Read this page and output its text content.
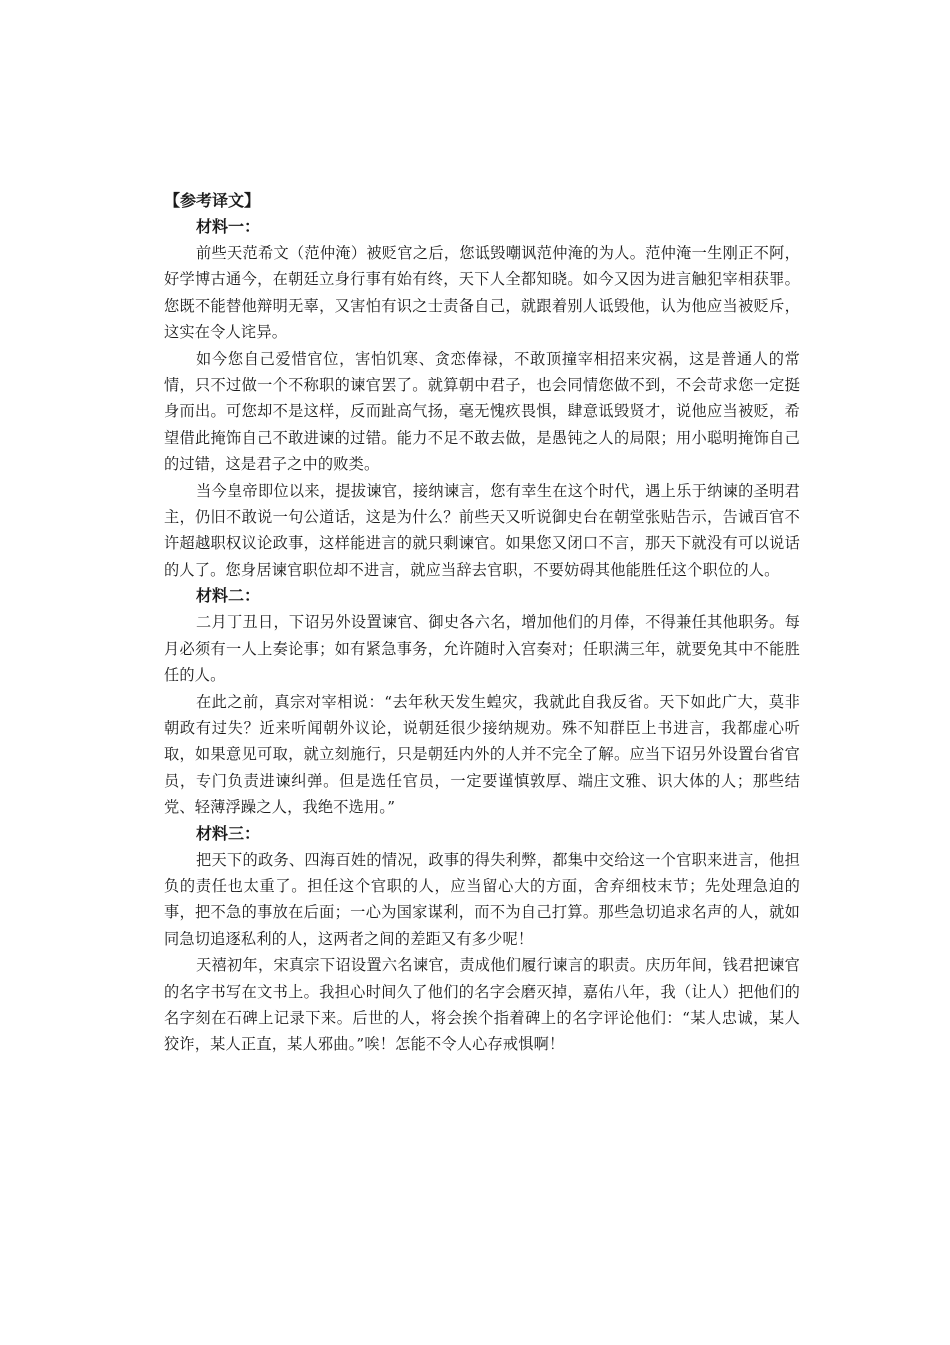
【参考译文】
材料一：

前些天范希文（范仲淹）被贬官之后，您诋毁嘲讽范仲淹的为人。范仲淹一生刚正不阿，好学博古通今，在朝廷立身行事有始有终，天下人全都知晓。如今又因为进言触犯宰相获罪。您既不能替他辩明无辜，又害怕有识之士责备自己，就跟着别人诋毁他，认为他应当被贬斥，这实在令人诧异。

如今您自己爱惜官位，害怕饥寒、贪恋俸禄，不敢顶撞宰相招来灾祸，这是普通人的常情，只不过做一个不称职的谏官罢了。就算朝中君子，也会同情您做不到，不会苛求您一定挺身而出。可您却不是这样，反而趾高气扬，毫无愧疚畏惧，肆意诋毁贤才，说他应当被贬，希望借此掩饰自己不敢进谏的过错。能力不足不敢去做，是愚钝之人的局限；用小聪明掩饰自己的过错，这是君子之中的败类。

当今皇帝即位以来，提拔谏官，接纳谏言，您有幸生在这个时代，遇上乐于纳谏的圣明君主，仍旧不敢说一句公道话，这是为什么？前些天又听说御史台在朝堂张贴告示，告诫百官不许超越职权议论政事，这样能进言的就只剩谏官。如果您又闭口不言，那天下就没有可以说话的人了。您身居谏官职位却不进言，就应当辞去官职，不要妨碍其他能胜任这个职位的人。

材料二：

二月丁丑日，下诏另外设置谏官、御史各六名，增加他们的月俸，不得兼任其他职务。每月必须有一人上奏论事；如有紧急事务，允许随时入宫奏对；任职满三年，就要免其中不能胜任的人。

在此之前，真宗对宰相说：“去年秋天发生蝗灾，我就此自我反省。天下如此广大，莫非朝政有过失？近来听闻朝外议论，说朝廷很少接纳规劝。殊不知群臣上书进言，我都虚心听取，如果意见可取，就立刻施行，只是朝廷内外的人并不完全了解。应当下诏另外设置台省官员，专门负责进谏纠弹。但是选任官员，一定要谨慎敦厚、端庄文雅、识大体的人；那些结党、轻薄浮躁之人，我绝不选用。”

材料三：

把天下的政务、四海百姓的情况，政事的得失利弊，都集中交给这一个官职来进言，他担负的责任也太重了。担任这个官职的人，应当留心大的方面，舍弃细枝末节；先处理急迫的事，把不急的事放在后面；一心为国家谋利，而不为自己打算。那些急切追求名声的人，就如同急切追逐私利的人，这两者之间的差距又有多少呢！

天禧初年，宋真宗下诏设置六名谏官，责成他们履行谏言的职责。庆历年间，钱君把谏官的名字书写在文书上。我担心时间久了他们的名字会磨灭掉，嘉佑八年，我（让人）把他们的名字刻在石碑上记录下来。后世的人，将会挨个指着碑上的名字评论他们：“某人忠诚，某人狡诈，某人正直，某人邪曲。”唉！怎能不令人心存戒惧啊！
